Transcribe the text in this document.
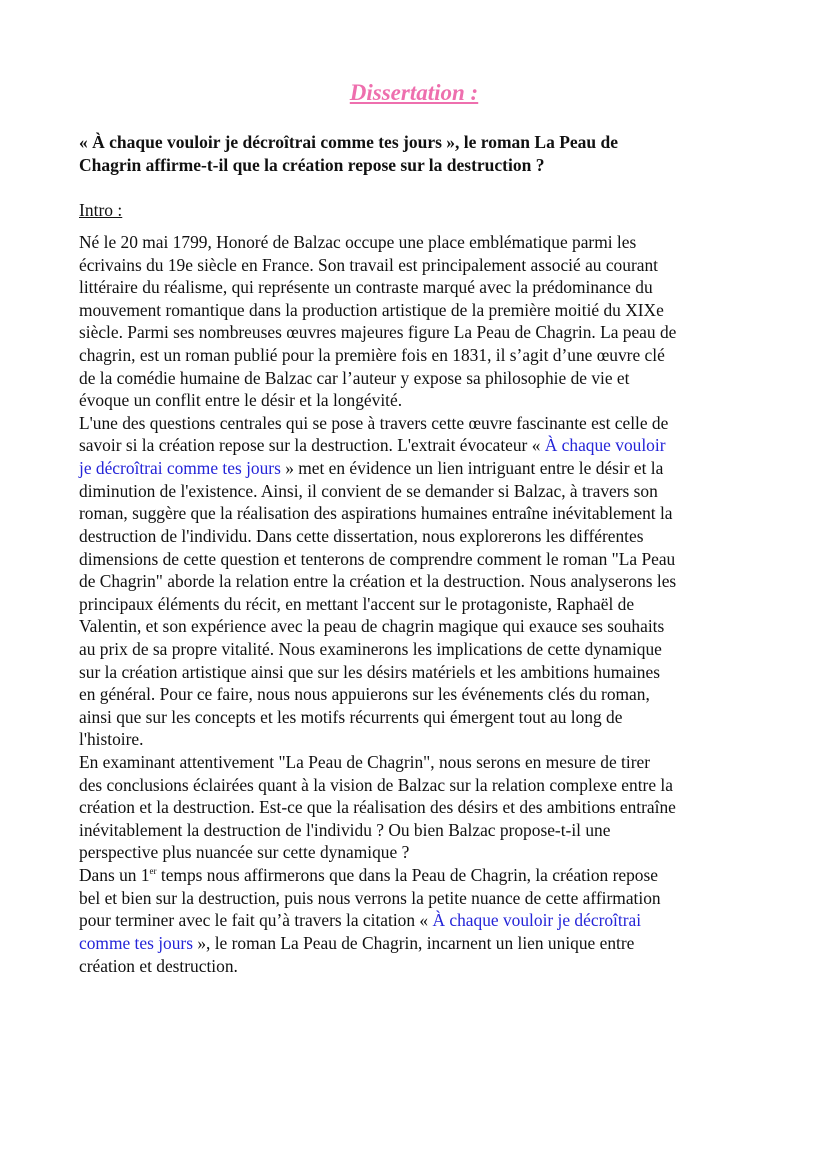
Dissertation :
« À chaque vouloir je décroîtrai comme tes jours », le roman La Peau de
Chagrin affirme-t-il que la création repose sur la destruction ?
Intro :
Né le 20 mai 1799, Honoré de Balzac occupe une place emblématique parmi les
écrivains du 19e siècle en France. Son travail est principalement associé au courant
littéraire du réalisme, qui représente un contraste marqué avec la prédominance du
mouvement romantique dans la production artistique de la première moitié du XIXe
siècle. Parmi ses nombreuses œuvres majeures figure La Peau de Chagrin. La peau de
chagrin, est un roman publié pour la première fois en 1831, il s’agit d’une œuvre clé
de la comédie humaine de Balzac car l’auteur y expose sa philosophie de vie et
évoque un conflit entre le désir et la longévité.
L'une des questions centrales qui se pose à travers cette œuvre fascinante est celle de
savoir si la création repose sur la destruction. L'extrait évocateur « À chaque vouloir
je décroîtrai comme tes jours » met en évidence un lien intriguant entre le désir et la
diminution de l'existence. Ainsi, il convient de se demander si Balzac, à travers son
roman, suggère que la réalisation des aspirations humaines entraîne inévitablement la
destruction de l'individu. Dans cette dissertation, nous explorerons les différentes
dimensions de cette question et tenterons de comprendre comment le roman "La Peau
de Chagrin" aborde la relation entre la création et la destruction. Nous analyserons les
principaux éléments du récit, en mettant l'accent sur le protagoniste, Raphaël de
Valentin, et son expérience avec la peau de chagrin magique qui exauce ses souhaits
au prix de sa propre vitalité. Nous examinerons les implications de cette dynamique
sur la création artistique ainsi que sur les désirs matériels et les ambitions humaines
en général. Pour ce faire, nous nous appuierons sur les événements clés du roman,
ainsi que sur les concepts et les motifs récurrents qui émergent tout au long de
l'histoire.
En examinant attentivement "La Peau de Chagrin", nous serons en mesure de tirer
des conclusions éclairées quant à la vision de Balzac sur la relation complexe entre la
création et la destruction. Est-ce que la réalisation des désirs et des ambitions entraîne
inévitablement la destruction de l'individu ? Ou bien Balzac propose-t-il une
perspective plus nuancée sur cette dynamique ?
Dans un 1er temps nous affirmerons que dans la Peau de Chagrin, la création repose
bel et bien sur la destruction, puis nous verrons la petite nuance de cette affirmation
pour terminer avec le fait qu’à travers la citation « À chaque vouloir je décroîtrai
comme tes jours », le roman La Peau de Chagrin, incarnent un lien unique entre
création et destruction.
